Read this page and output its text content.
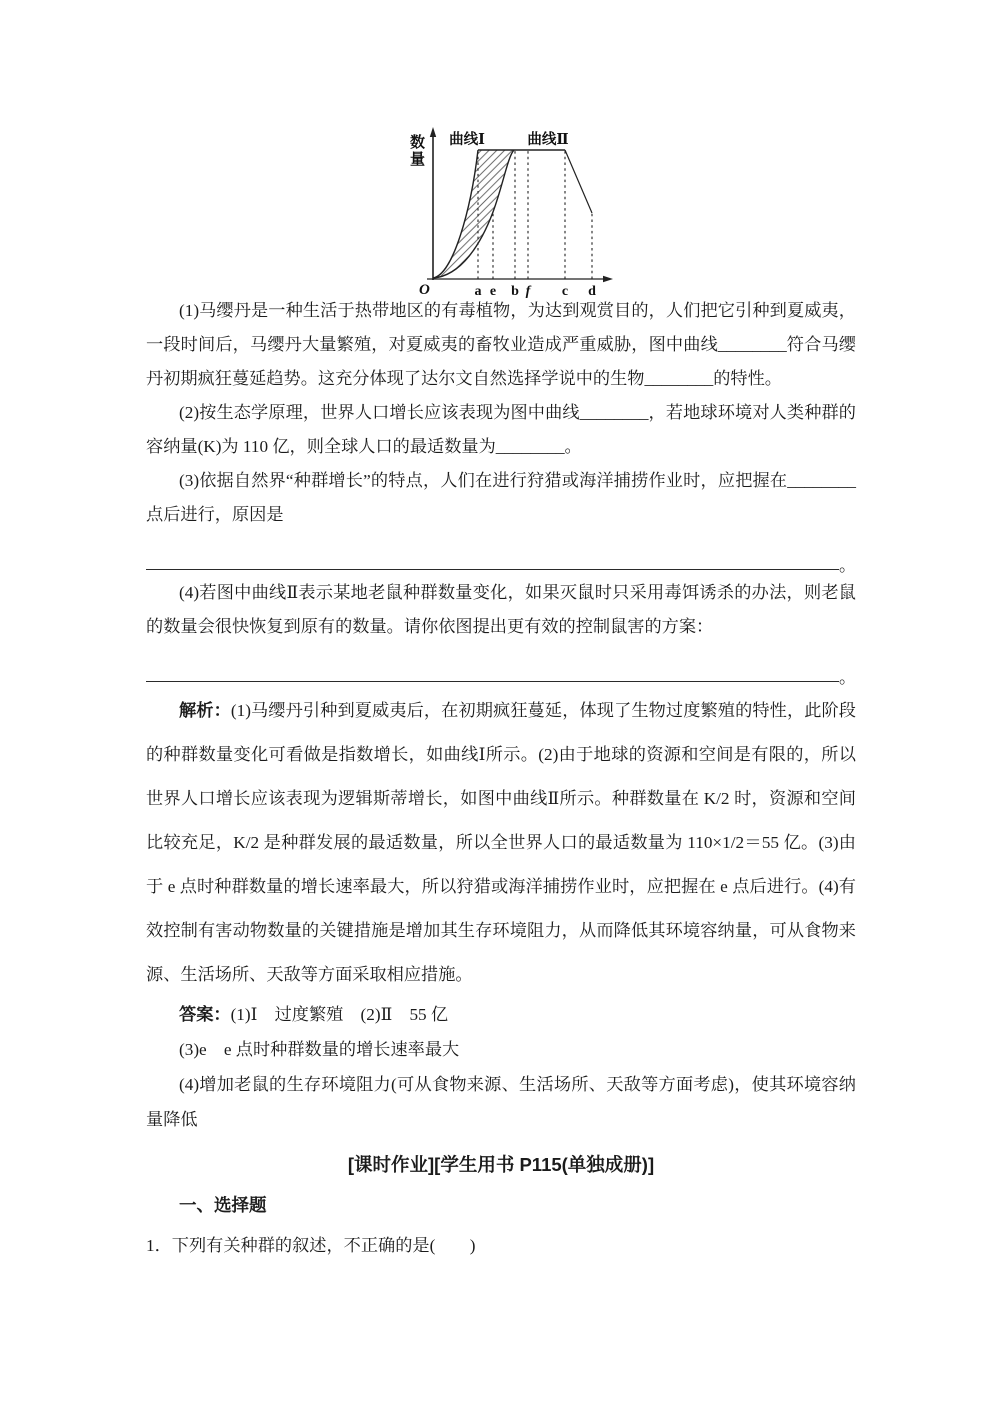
数
量
O
曲线Ⅰ	曲线Ⅱ
a e b f c d

(1)马缨丹是一种生活于热带地区的有毒植物，为达到观赏目的，人们把它引种到夏威夷，一段时间后，马缨丹大量繁殖，对夏威夷的畜牧业造成严重威胁，图中曲线________符合马缨丹初期疯狂蔓延趋势。这充分体现了达尔文自然选择学说中的生物________的特性。

(2)按生态学原理，世界人口增长应该表现为图中曲线________，若地球环境对人类种群的容纳量(K)为 110 亿，则全球人口的最适数量为________。

(3)依据自然界“种群增长”的特点，人们在进行狩猎或海洋捕捞作业时，应把握在________点后进行，原因是

。

(4)若图中曲线Ⅱ表示某地老鼠种群数量变化，如果灭鼠时只采用毒饵诱杀的办法，则老鼠的数量会很快恢复到原有的数量。请你依图提出更有效的控制鼠害的方案：

。

解析：(1)马缨丹引种到夏威夷后，在初期疯狂蔓延，体现了生物过度繁殖的特性，此阶段的种群数量变化可看做是指数增长，如曲线Ⅰ所示。(2)由于地球的资源和空间是有限的，所以世界人口增长应该表现为逻辑斯蒂增长，如图中曲线Ⅱ所示。种群数量在 K/2 时，资源和空间比较充足，K/2 是种群发展的最适数量，所以全世界人口的最适数量为 110×1/2＝55 亿。(3)由于 e 点时种群数量的增长速率最大，所以狩猎或海洋捕捞作业时，应把握在 e 点后进行。(4)有效控制有害动物数量的关键措施是增加其生存环境阻力，从而降低其环境容纳量，可从食物来源、生活场所、天敌等方面采取相应措施。

答案：(1)Ⅰ　过度繁殖　(2)Ⅱ　55 亿

(3)e　e 点时种群数量的增长速率最大

(4)增加老鼠的生存环境阻力(可从食物来源、生活场所、天敌等方面考虑)，使其环境容纳量降低

[课时作业][学生用书 P115(单独成册)]

一、选择题

1．下列有关种群的叙述，不正确的是(　　)
